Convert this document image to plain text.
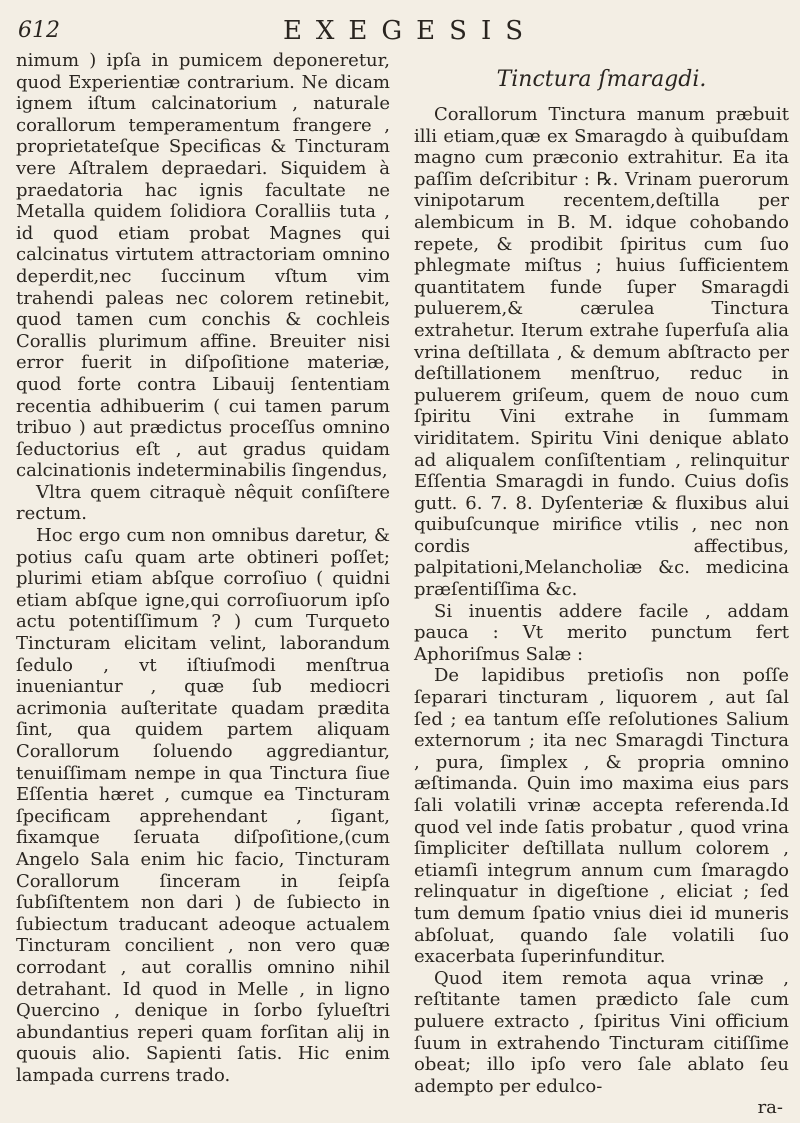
612	EXEGESIS

nimum ) ipſa in pumicem deponeretur, quod Experientiæ contrarium. Ne dicam ignem iſtum calcinatorium , naturale corallorum temperamentum frangere , proprietateſque Specificas & Tincturam vere Aſtralem depraedari. Siquidem à praedatoria hac ignis facultate ne Metalla quidem ſolidiora Coralliis tuta , id quod etiam probat Magnes qui calcinatus virtutem attractoriam omnino deperdit,nec ſuccinum vſtum vim trahendi paleas nec colorem retinebit, quod tamen cum conchis & cochleis Corallis plurimum affine. Breuiter nisi error fuerit in diſpoſitione materiæ, quod forte contra Libauij ſententiam recentia adhibuerim ( cui tamen parum tribuo ) aut prædictus proceſſus omnino ſeductorius eſt , aut gradus quidam calcinationis indeterminabilis ſingendus,

Vltra quem citraquè nêquit conſiſtere rectum.

Hoc ergo cum non omnibus daretur, & potius caſu quam arte obtineri poſſet; plurimi etiam abſque corroſiuo ( quidni etiam abſque igne,qui corroſiuorum ipſo actu potentiſſimum ? ) cum Turqueto Tincturam elicitam velint, laborandum ſedulo , vt iſtiuſmodi menſtrua inueniantur , quæ ſub mediocri acrimonia auſteritate quadam prædita ſint, qua quidem partem aliquam Corallorum ſoluendo aggrediantur, tenuiſſimam nempe in qua Tinctura ſiue Eſſentia hæret , cumque ea Tincturam ſpecificam apprehendant , ſigant, fixamque ſeruata diſpoſitione,(cum Angelo Sala enim hic facio, Tincturam Corallorum ſinceram in ſeipſa ſubſiſtentem non dari ) de ſubiecto in ſubiectum traducant adeoque actualem Tincturam concilient , non vero quæ corrodant , aut corallis omnino nihil detrahant. Id quod in Melle , in ligno Quercino , denique in ſorbo ſylueſtri abundantius reperi quam forſitan alij in quouis alio. Sapienti ſatis. Hic enim lampada currens trado.

Tinctura ſmaragdi.

Corallorum Tinctura manum præbuit illi etiam,quæ ex Smaragdo à quibuſdam magno cum præconio extrahitur. Ea ita paſſim deſcribitur : ℞. Vrinam puerorum vinipotarum recentem,deſtilla per alembicum in B. M. idque cohobando repete, & prodibit ſpiritus cum ſuo phlegmate miſtus ; huius ſufficientem quantitatem funde ſuper Smaragdi puluerem,& cærulea Tinctura extrahetur. Iterum extrahe ſuperfuſa alia vrina deſtillata , & demum abſtracto per deſtillationem menſtruo, reduc in puluerem griſeum, quem de nouo cum ſpiritu Vini extrahe in ſummam viriditatem. Spiritu Vini denique ablato ad aliqualem conſiſtentiam , relinquitur Eſſentia Smaragdi in fundo. Cuius doſis gutt. 6. 7. 8. Dyſenteriæ & fluxibus alui quibuſcunque mirifice vtilis , nec non cordis affectibus, palpitationi,Melancholiæ &c. medicina præſentiſſima &c.

Si inuentis addere facile , addam pauca : Vt merito punctum fert Aphoriſmus Salæ :

De lapidibus pretioſis non poſſe ſeparari tincturam , liquorem , aut ſal ſed ; ea tantum eſſe reſolutiones Salium externorum ; ita nec Smaragdi Tinctura , pura, ſimplex , & propria omnino æſtimanda. Quin imo maxima eius pars ſali volatili vrinæ accepta referenda.Id quod vel inde ſatis probatur , quod vrina ſimpliciter deſtillata nullum colorem , etiamſi integrum annum cum ſmaragdo relinquatur in digeſtione , eliciat ; ſed tum demum ſpatio vnius diei id muneris abſoluat, quando ſale volatili ſuo exacerbata ſuperinfunditur.

Quod item remota aqua vrinæ , reſtitante tamen prædicto ſale cum puluere extracto , ſpiritus Vini officium ſuum in extrahendo Tincturam citiſſime obeat; illo ipſo vero ſale ablato ſeu adempto per edulco-

ra-
